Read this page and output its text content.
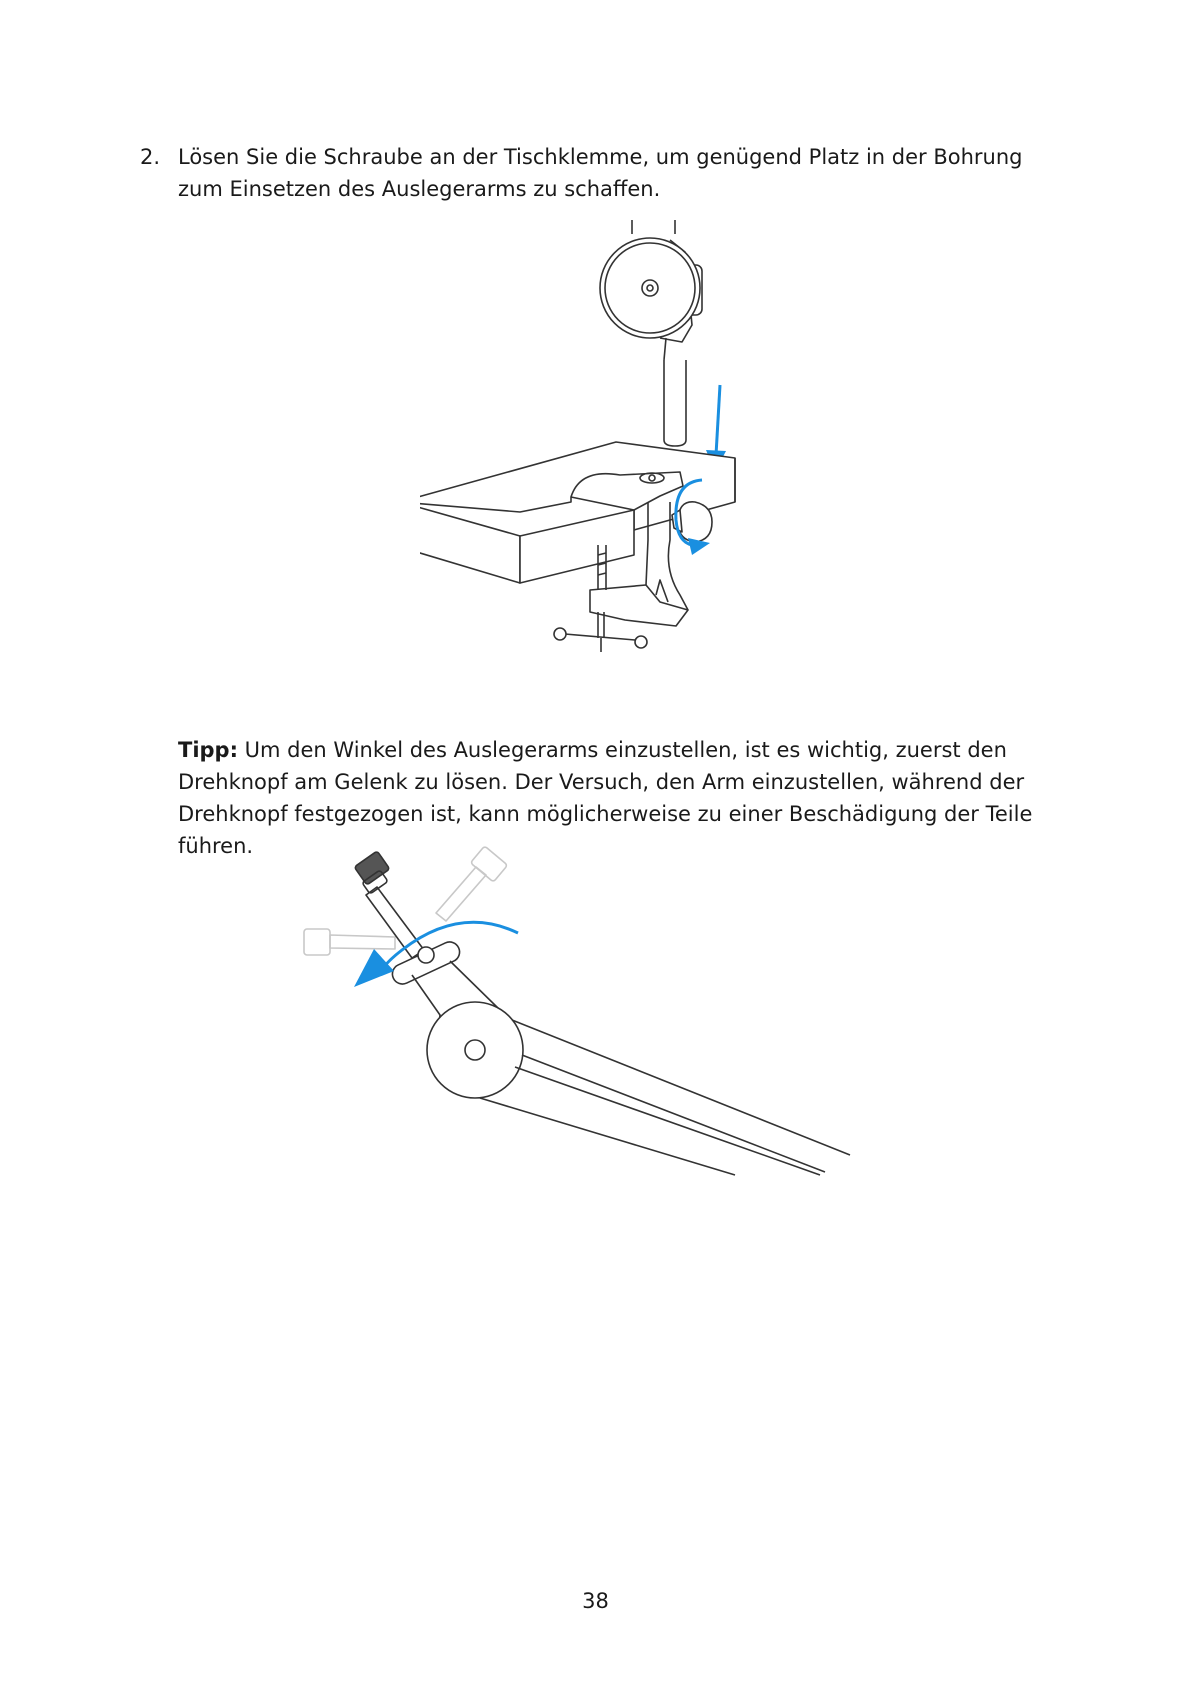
2. Lösen Sie die Schraube an der Tischklemme, um genügend Platz in der Bohrung zum Einsetzen des Auslegerarms zu schaffen.
Tipp: Um den Winkel des Auslegerarms einzustellen, ist es wichtig, zuerst den Drehknopf am Gelenk zu lösen. Der Versuch, den Arm einzustellen, während der Drehknopf festgezogen ist, kann möglicherweise zu einer Beschädigung der Teile führen.
38
